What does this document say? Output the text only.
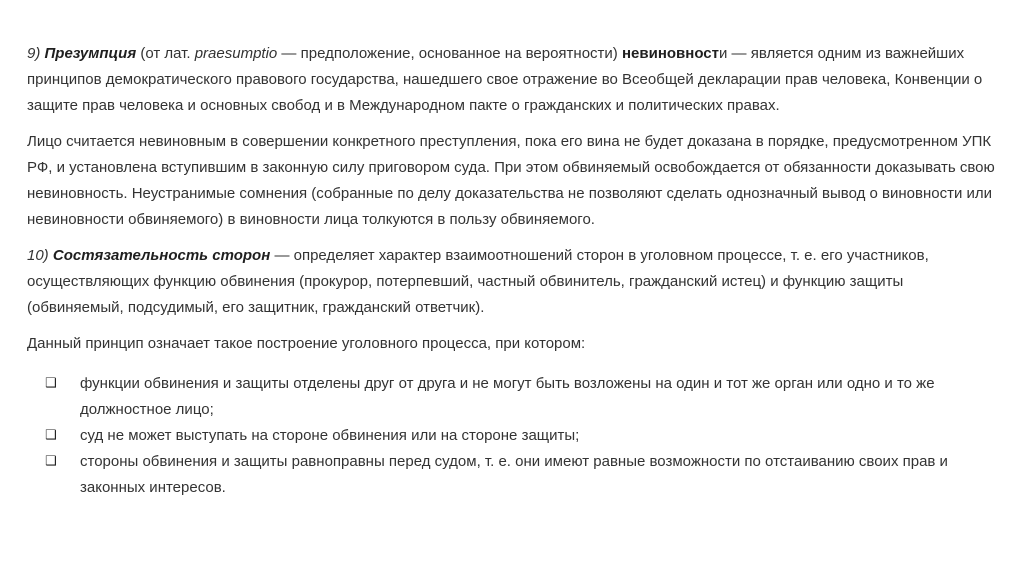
9) Презумпция (от лат. praesumptio — предположение, основанное на вероятности) невиновности — является одним из важнейших принципов демократического правового государства, нашедшего свое отражение во Всеобщей декларации прав человека, Конвенции о защите прав человека и основных свобод и в Международном пакте о гражданских и политических правах.

Лицо считается невиновным в совершении конкретного преступления, пока его вина не будет доказана в порядке, предусмотренном УПК РФ, и установлена вступившим в законную силу приговором суда. При этом обвиняемый освобождается от обязанности доказывать свою невиновность. Неустранимые сомнения (собранные по делу доказательства не позволяют сделать однозначный вывод о виновности или невиновности обвиняемого) в виновности лица толкуются в пользу обвиняемого.

10) Состязательность сторон — определяет характер взаимоотношений сторон в уголовном процессе, т. е. его участников, осуществляющих функцию обвинения (прокурор, потерпевший, частный обвинитель, гражданский истец) и функцию защиты (обвиняемый, подсудимый, его защитник, гражданский ответчик).

Данный принцип означает такое построение уголовного процесса, при котором:

❑ функции обвинения и защиты отделены друг от друга и не могут быть возложены на один и тот же орган или одно и то же должностное лицо;
❑ суд не может выступать на стороне обвинения или на стороне защиты;
❑ стороны обвинения и защиты равноправны перед судом, т. е. они имеют равные возможности по отстаиванию своих прав и законных интересов.
